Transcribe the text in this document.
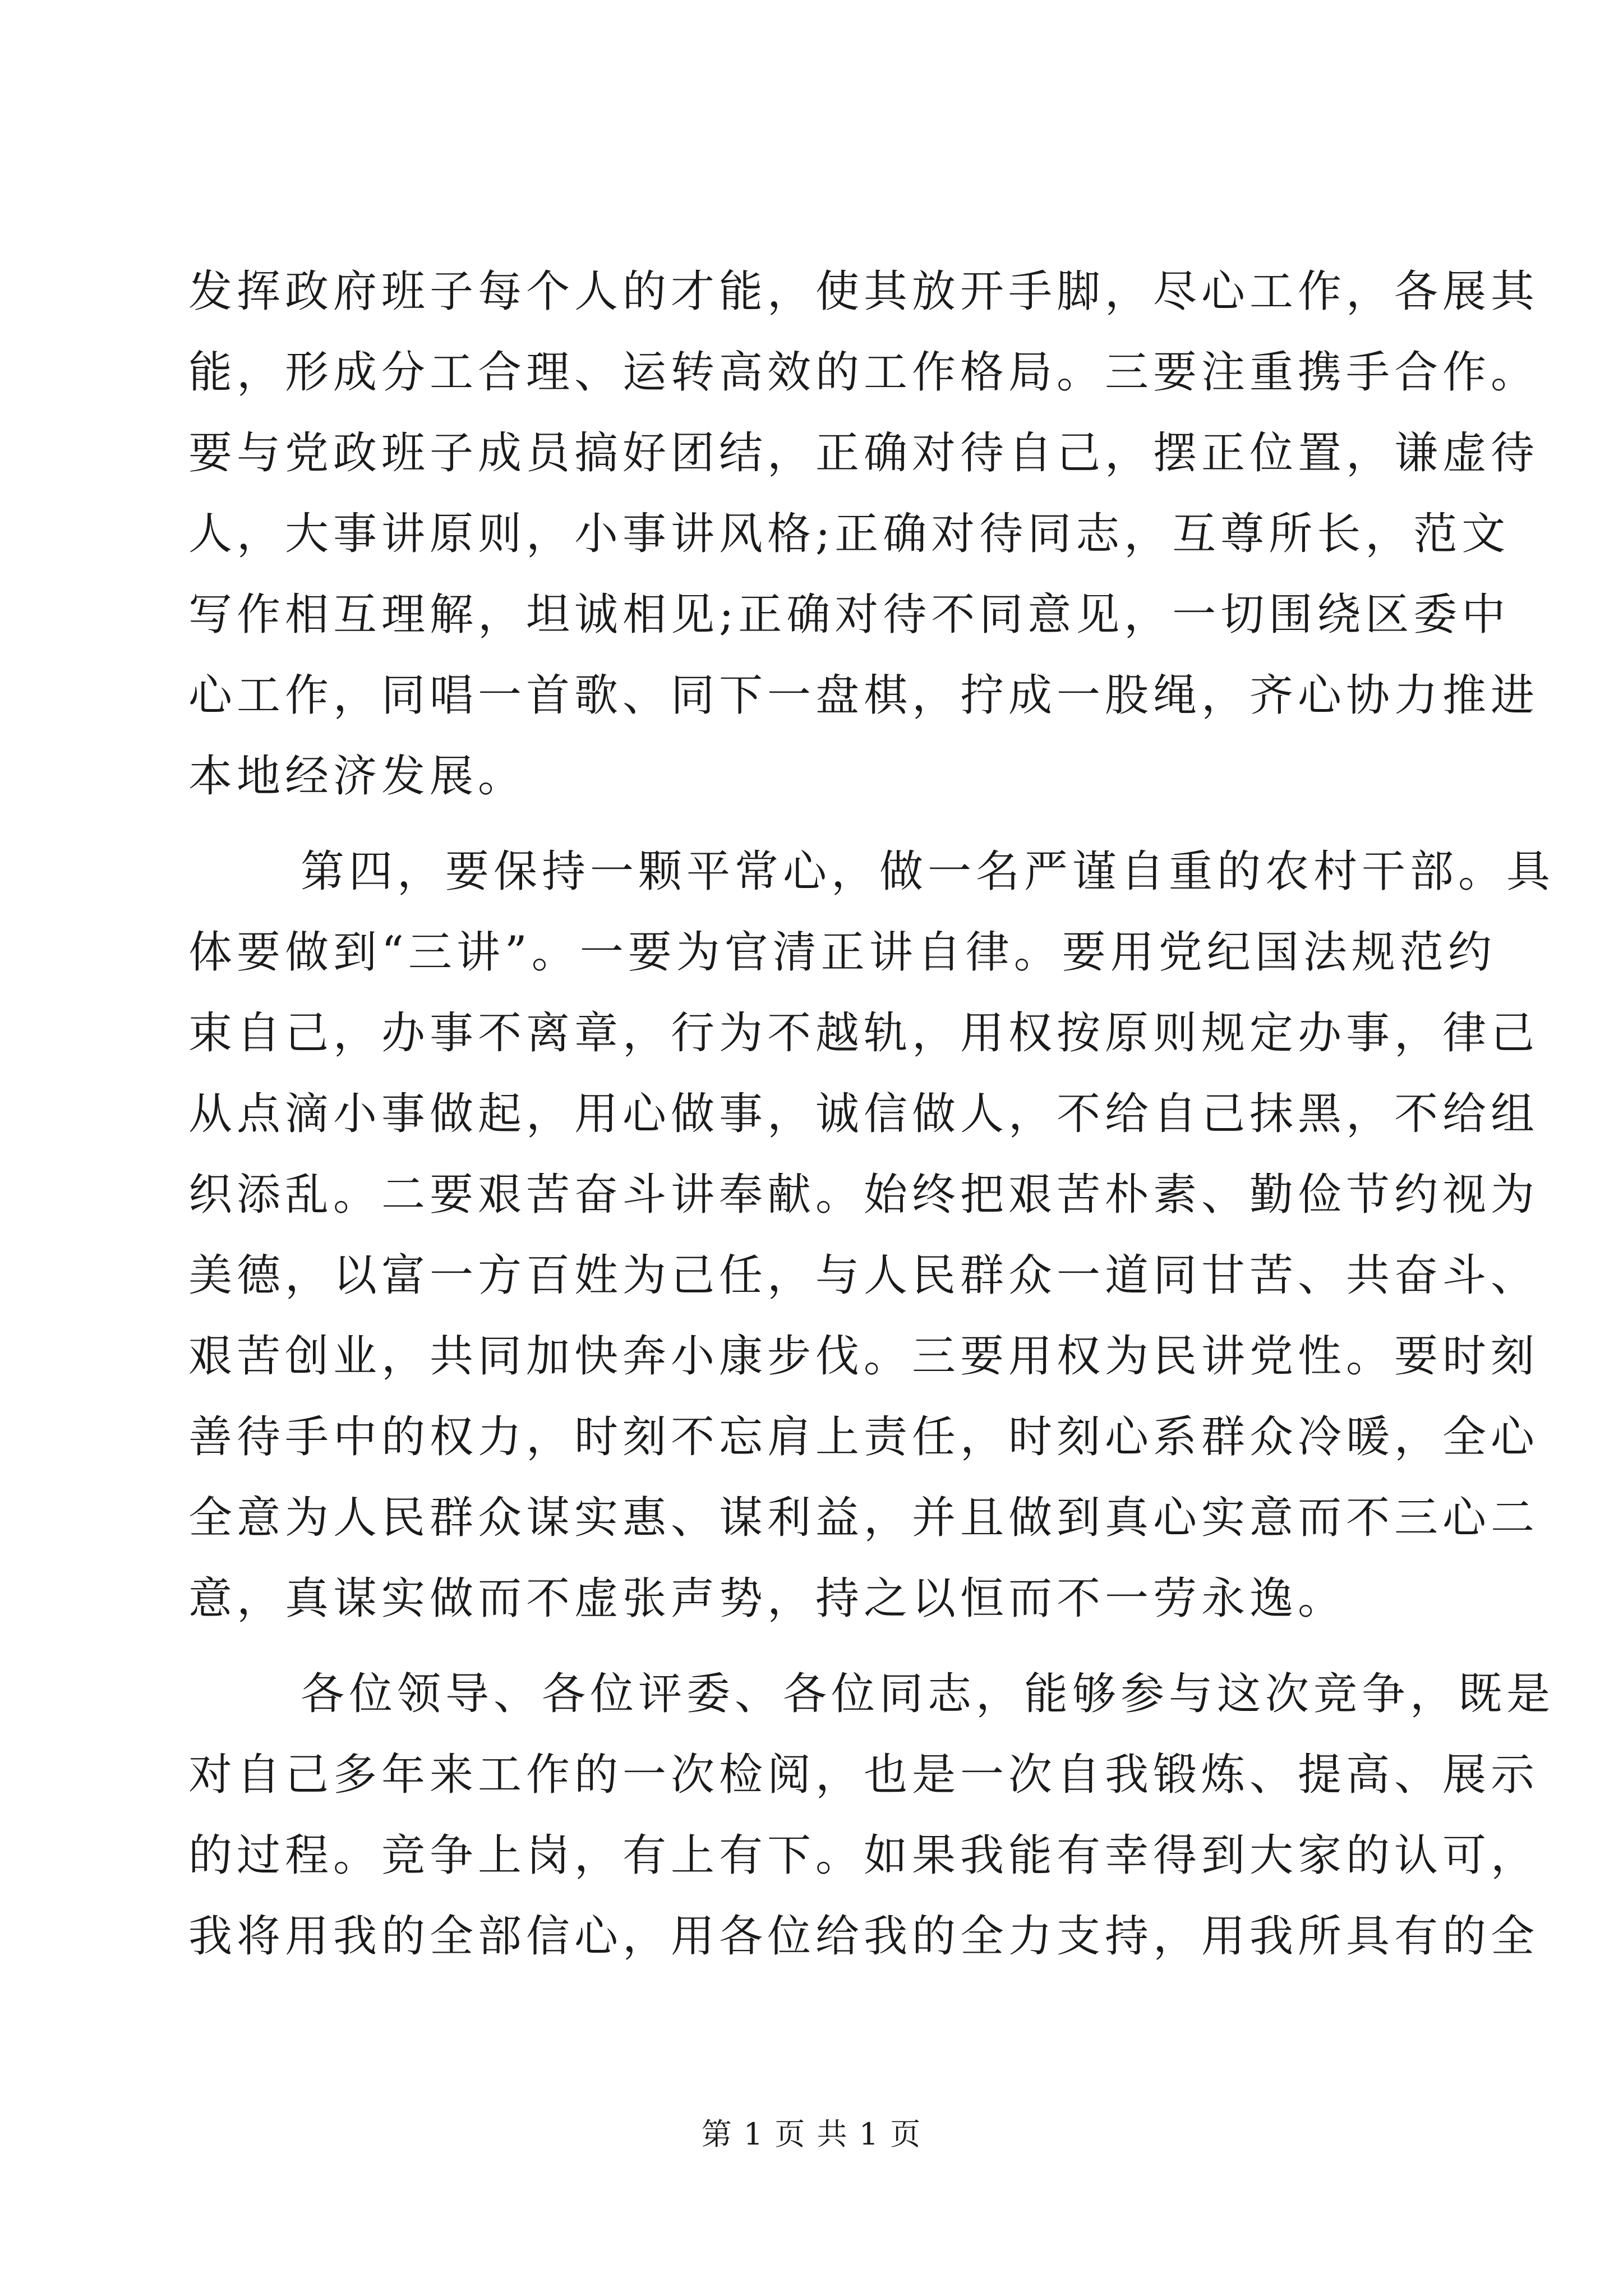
发挥政府班子每个人的才能，使其放开手脚，尽心工作，各展其
能，形成分工合理、运转高效的工作格局。三要注重携手合作。
要与党政班子成员搞好团结，正确对待自己，摆正位置，谦虚待
人，大事讲原则，小事讲风格;正确对待同志，互尊所长，范文
写作相互理解，坦诚相见;正确对待不同意见，一切围绕区委中
心工作，同唱一首歌、同下一盘棋，拧成一股绳，齐心协力推进
本地经济发展。
第四，要保持一颗平常心，做一名严谨自重的农村干部。具
体要做到“三讲”。一要为官清正讲自律。要用党纪国法规范约
束自己，办事不离章，行为不越轨，用权按原则规定办事，律己
从点滴小事做起，用心做事，诚信做人，不给自己抹黑，不给组
织添乱。二要艰苦奋斗讲奉献。始终把艰苦朴素、勤俭节约视为
美德，以富一方百姓为己任，与人民群众一道同甘苦、共奋斗、
艰苦创业，共同加快奔小康步伐。三要用权为民讲党性。要时刻
善待手中的权力，时刻不忘肩上责任，时刻心系群众冷暖，全心
全意为人民群众谋实惠、谋利益，并且做到真心实意而不三心二
意，真谋实做而不虚张声势，持之以恒而不一劳永逸。
各位领导、各位评委、各位同志，能够参与这次竞争，既是
对自己多年来工作的一次检阅，也是一次自我锻炼、提高、展示
的过程。竞争上岗，有上有下。如果我能有幸得到大家的认可，
我将用我的全部信心，用各位给我的全力支持，用我所具有的全
第 1 页 共 1 页
